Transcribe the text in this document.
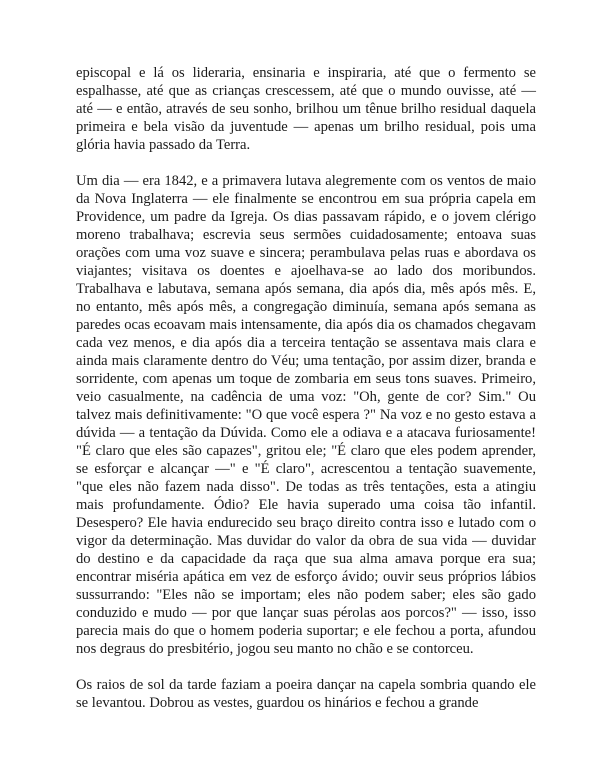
episcopal e lá os lideraria, ensinaria e inspiraria, até que o fermento se espalhasse, até que as crianças crescessem, até que o mundo ouvisse, até — até — e então, através de seu sonho, brilhou um tênue brilho residual daquela primeira e bela visão da juventude — apenas um brilho residual, pois uma glória havia passado da Terra.

Um dia — era 1842, e a primavera lutava alegremente com os ventos de maio da Nova Inglaterra — ele finalmente se encontrou em sua própria capela em Providence, um padre da Igreja. Os dias passavam rápido, e o jovem clérigo moreno trabalhava; escrevia seus sermões cuidadosamente; entoava suas orações com uma voz suave e sincera; perambulava pelas ruas e abordava os viajantes; visitava os doentes e ajoelhava-se ao lado dos moribundos. Trabalhava e labutava, semana após semana, dia após dia, mês após mês. E, no entanto, mês após mês, a congregação diminuía, semana após semana as paredes ocas ecoavam mais intensamente, dia após dia os chamados chegavam cada vez menos, e dia após dia a terceira tentação se assentava mais clara e ainda mais claramente dentro do Véu; uma tentação, por assim dizer, branda e sorridente, com apenas um toque de zombaria em seus tons suaves. Primeiro, veio casualmente, na cadência de uma voz: "Oh, gente de cor? Sim." Ou talvez mais definitivamente: "O que você espera ?" Na voz e no gesto estava a dúvida — a tentação da Dúvida. Como ele a odiava e a atacava furiosamente! "É claro que eles são capazes", gritou ele; "É claro que eles podem aprender, se esforçar e alcançar —" e "É claro", acrescentou a tentação suavemente, "que eles não fazem nada disso". De todas as três tentações, esta a atingiu mais profundamente. Ódio? Ele havia superado uma coisa tão infantil. Desespero? Ele havia endurecido seu braço direito contra isso e lutado com o vigor da determinação. Mas duvidar do valor da obra de sua vida — duvidar do destino e da capacidade da raça que sua alma amava porque era sua; encontrar miséria apática em vez de esforço ávido; ouvir seus próprios lábios sussurrando: "Eles não se importam; eles não podem saber; eles são gado conduzido e mudo — por que lançar suas pérolas aos porcos?" — isso, isso parecia mais do que o homem poderia suportar; e ele fechou a porta, afundou nos degraus do presbitério, jogou seu manto no chão e se contorceu.

Os raios de sol da tarde faziam a poeira dançar na capela sombria quando ele se levantou. Dobrou as vestes, guardou os hinários e fechou a grande
